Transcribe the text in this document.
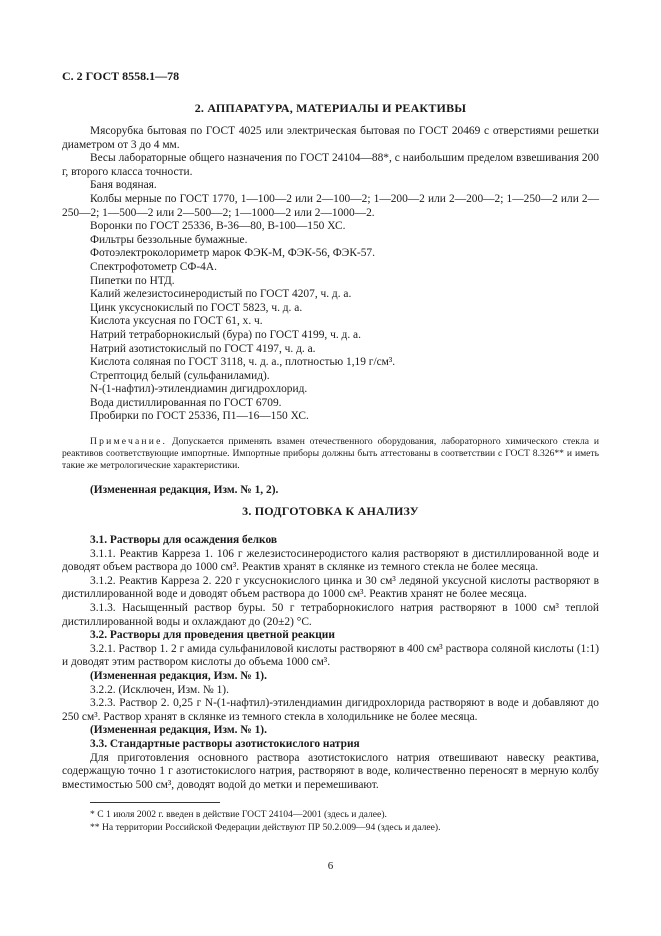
С. 2 ГОСТ 8558.1—78
2. АППАРАТУРА, МАТЕРИАЛЫ И РЕАКТИВЫ

Мясорубка бытовая по ГОСТ 4025 или электрическая бытовая по ГОСТ 20469 с отверстиями решетки диаметром от 3 до 4 мм.

Весы лабораторные общего назначения по ГОСТ 24104—88*, с наибольшим пределом взвешивания 200 г, второго класса точности.

Баня водяная.

Колбы мерные по ГОСТ 1770, 1—100—2 или 2—100—2; 1—200—2 или 2—200—2; 1—250—2 или 2—250—2; 1—500—2 или 2—500—2; 1—1000—2 или 2—1000—2.

Воронки по ГОСТ 25336, В-36—80, В-100—150 ХС.

Фильтры беззольные бумажные.

Фотоэлектроколориметр марок ФЭК-М, ФЭК-56, ФЭК-57.

Спектрофотометр СФ-4А.

Пипетки по НТД.

Калий железистосинеродистый по ГОСТ 4207, ч. д. а.

Цинк уксуснокислый по ГОСТ 5823, ч. д. а.

Кислота уксусная по ГОСТ 61, х. ч.

Натрий тетраборнокислый (бура) по ГОСТ 4199, ч. д. а.

Натрий азотистокислый по ГОСТ 4197, ч. д. а.

Кислота соляная по ГОСТ 3118, ч. д. а., плотностью 1,19 г/см³.

Стрептоцид белый (сульфаниламид).

N-(1-нафтил)-этилендиамин дигидрохлорид.

Вода дистиллированная по ГОСТ 6709.

Пробирки по ГОСТ 25336, П1—16—150 ХС.

Примечание. Допускается применять взамен отечественного оборудования, лабораторного химического стекла и реактивов соответствующие импортные. Импортные приборы должны быть аттестованы в соответствии с ГОСТ 8.326** и иметь такие же метрологические характеристики.

(Измененная редакция, Изм. № 1, 2).

3. ПОДГОТОВКА К АНАЛИЗУ

3.1. Растворы для осаждения белков

3.1.1. Реактив Карреза 1. 106 г железистосинеродистого калия растворяют в дистиллированной воде и доводят объем раствора до 1000 см³. Реактив хранят в склянке из темного стекла не более месяца.

3.1.2. Реактив Карреза 2. 220 г уксуснокислого цинка и 30 см³ ледяной уксусной кислоты растворяют в дистиллированной воде и доводят объем раствора до 1000 см³. Реактив хранят не более месяца.

3.1.3. Насыщенный раствор буры. 50 г тетраборнокислого натрия растворяют в 1000 см³ теплой дистиллированной воды и охлаждают до (20±2) °С.

3.2. Растворы для проведения цветной реакции

3.2.1. Раствор 1. 2 г амида сульфаниловой кислоты растворяют в 400 см³ раствора соляной кислоты (1:1) и доводят этим раствором кислоты до объема 1000 см³.

(Измененная редакция, Изм. № 1).

3.2.2. (Исключен, Изм. № 1).

3.2.3. Раствор 2. 0,25 г N-(1-нафтил)-этилендиамин дигидрохлорида растворяют в воде и добавляют до 250 см³. Раствор хранят в склянке из темного стекла в холодильнике не более месяца.

(Измененная редакция, Изм. № 1).

3.3. Стандартные растворы азотистокислого натрия

Для приготовления основного раствора азотистокислого натрия отвешивают навеску реактива, содержащую точно 1 г азотистокислого натрия, растворяют в воде, количественно переносят в мерную колбу вместимостью 500 см³, доводят водой до метки и перемешивают.

* С 1 июля 2002 г. введен в действие ГОСТ 24104—2001 (здесь и далее).

** На территории Российской Федерации действуют ПР 50.2.009—94 (здесь и далее).

6
